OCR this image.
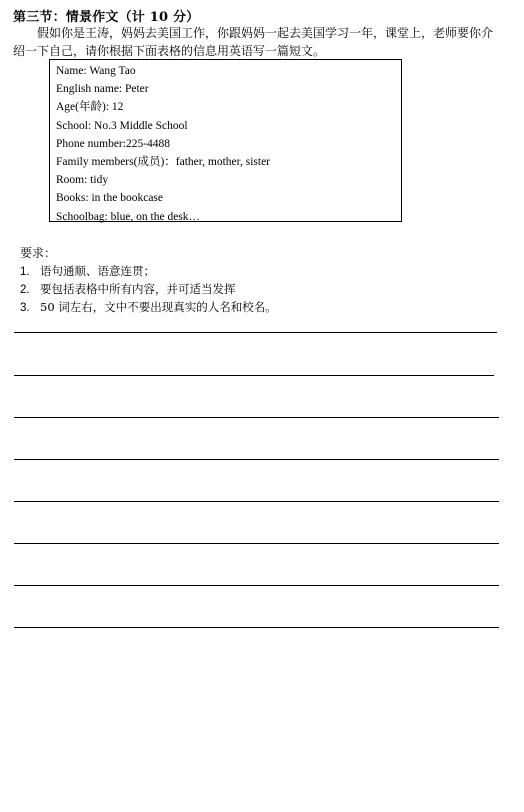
第三节：情景作文（计 10 分）
假如你是王涛，妈妈去美国工作，你跟妈妈一起去美国学习一年，课堂上，老师要你介绍一下自己，请你根据下面表格的信息用英语写一篇短文。
Name: Wang Tao
English name: Peter
Age(年龄): 12
School: No.3 Middle School
Phone number:225-4488
Family members(成员)：father, mother, sister
Room: tidy
Books: in the bookcase
Schoolbag: blue, on the desk…
要求：
1. 语句通顺、语意连贯；
2. 要包括表格中所有内容，并可适当发挥
3. 50 词左右，文中不要出现真实的人名和校名。
